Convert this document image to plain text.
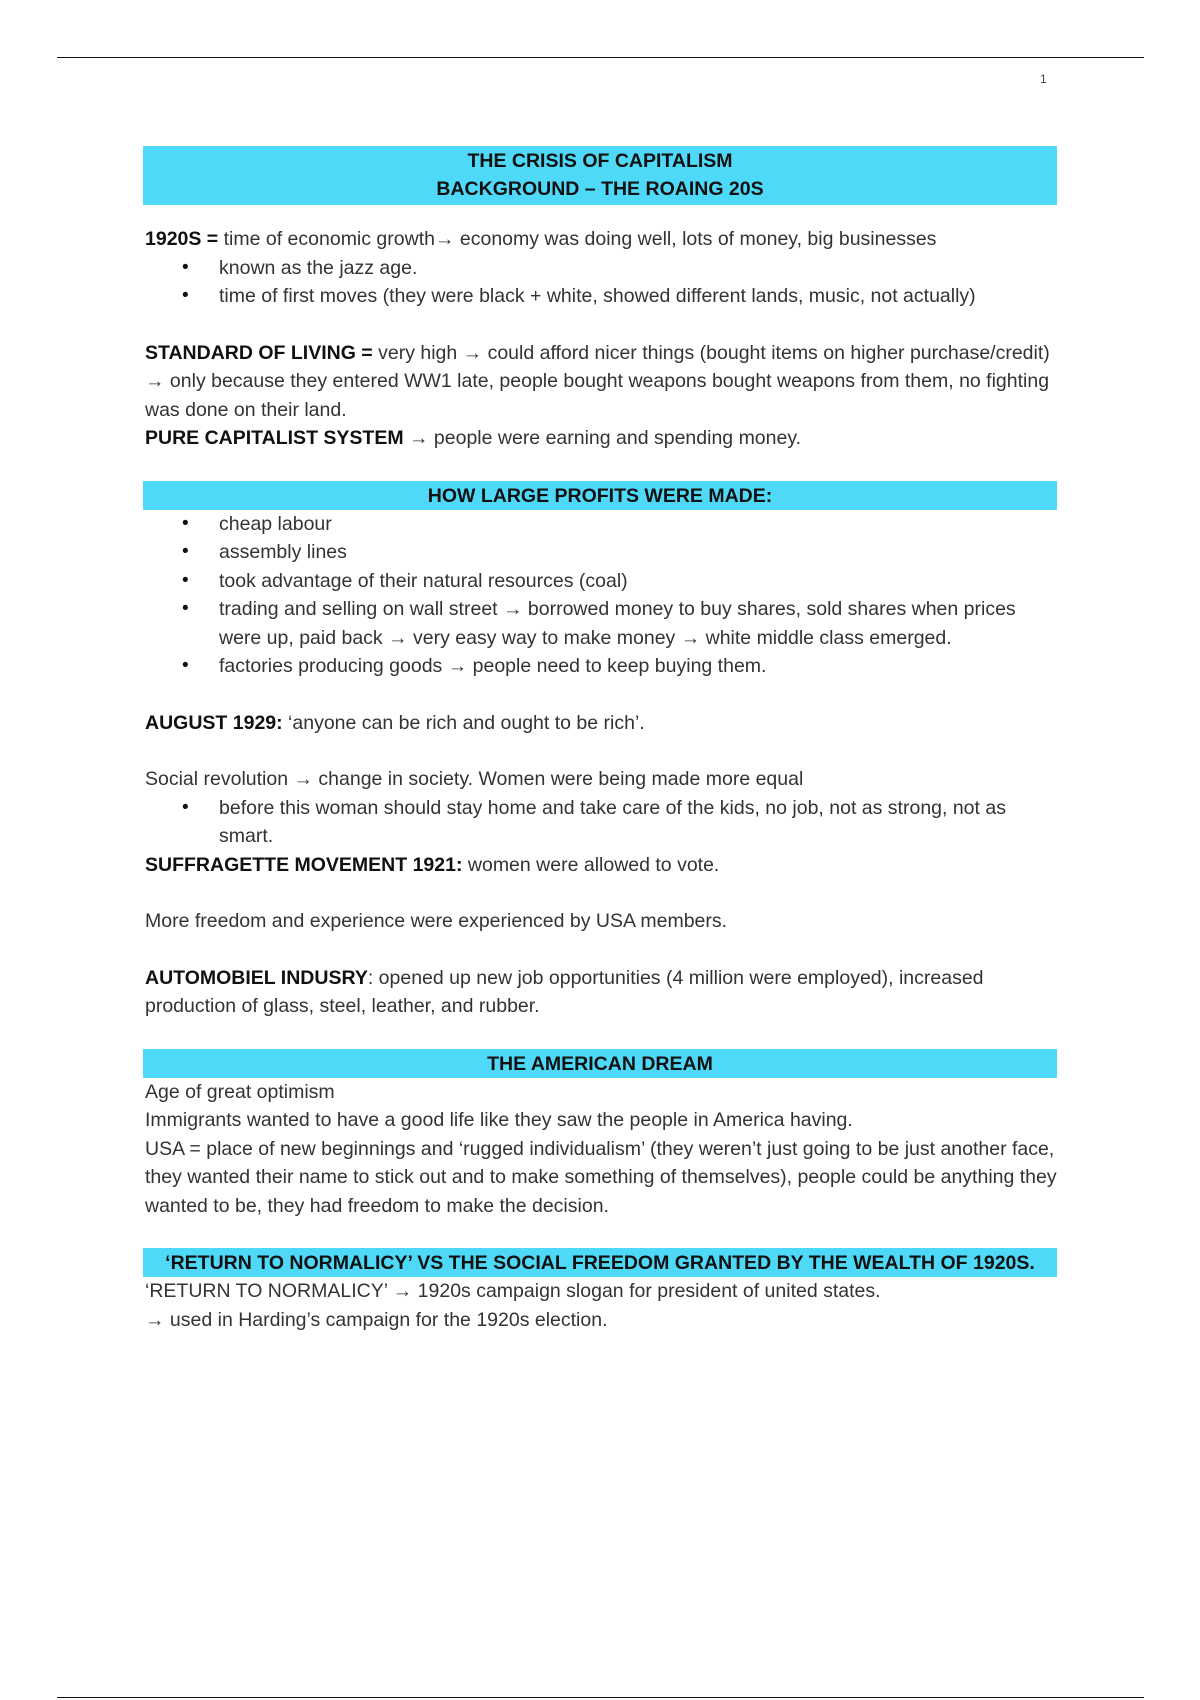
1
THE CRISIS OF CAPITALISM
BACKGROUND – THE ROAING 20S

1920S = time of economic growth→ economy was doing well, lots of money, big businesses

• known as the jazz age.
• time of first moves (they were black + white, showed different lands, music, not actually)

STANDARD OF LIVING = very high → could afford nicer things (bought items on higher purchase/credit)

→ only because they entered WW1 late, people bought weapons bought weapons from them, no fighting was done on their land.

PURE CAPITALIST SYSTEM → people were earning and spending money.

HOW LARGE PROFITS WERE MADE:
• cheap labour
• assembly lines
• took advantage of their natural resources (coal)
• trading and selling on wall street → borrowed money to buy shares, sold shares when prices were up, paid back → very easy way to make money → white middle class emerged.
• factories producing goods → people need to keep buying them.

AUGUST 1929: ‘anyone can be rich and ought to be rich’.

Social revolution → change in society. Women were being made more equal

• before this woman should stay home and take care of the kids, no job, not as strong, not as smart.

SUFFRAGETTE MOVEMENT 1921: women were allowed to vote.

More freedom and experience were experienced by USA members.

AUTOMOBIEL INDUSRY: opened up new job opportunities (4 million were employed), increased production of glass, steel, leather, and rubber.

THE AMERICAN DREAM

Age of great optimism

Immigrants wanted to have a good life like they saw the people in America having.

USA = place of new beginnings and ‘rugged individualism’ (they weren’t just going to be just another face, they wanted their name to stick out and to make something of themselves), people could be anything they wanted to be, they had freedom to make the decision.

‘RETURN TO NORMALICY’ VS THE SOCIAL FREEDOM GRANTED BY THE WEALTH OF 1920S.

‘RETURN TO NORMALICY’ → 1920s campaign slogan for president of united states.

→ used in Harding’s campaign for the 1920s election.
